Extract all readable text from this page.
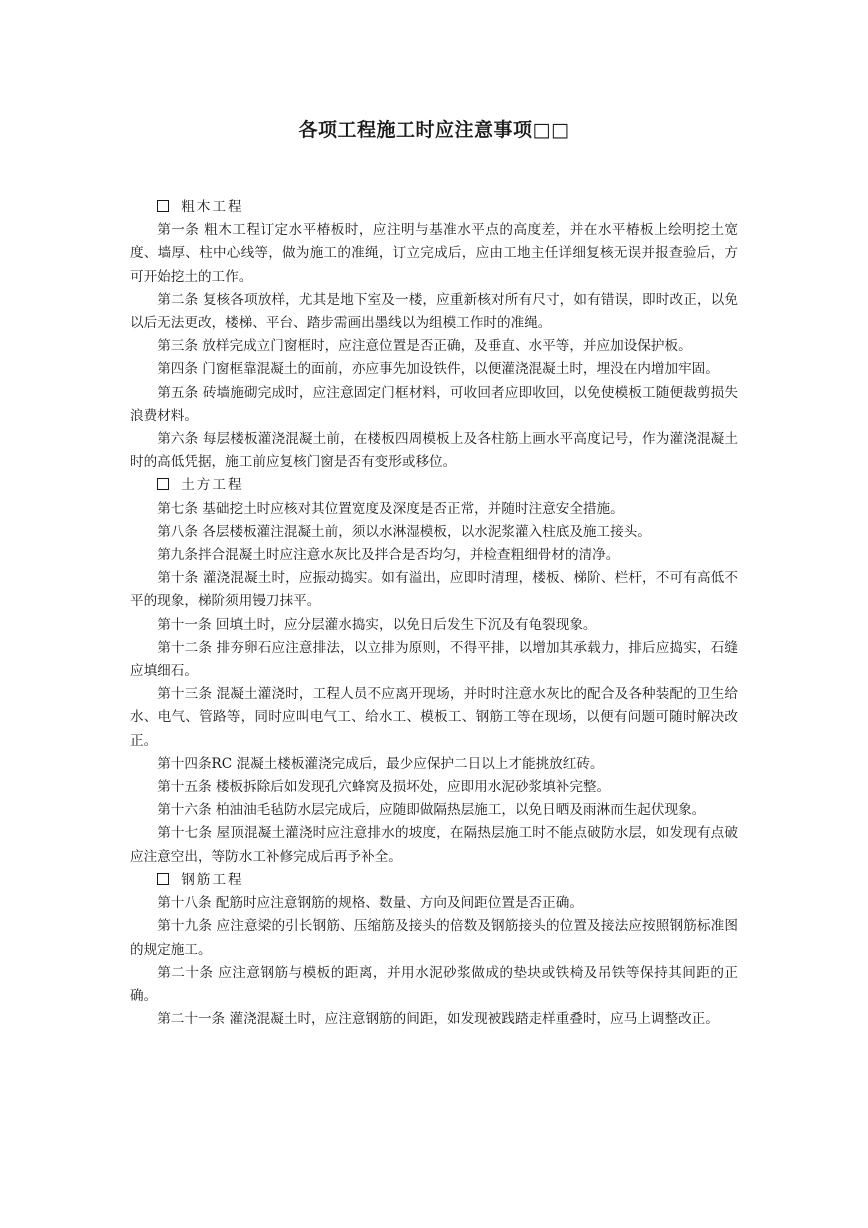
各项工程施工时应注意事项□□
粗木工程

第一条 粗木工程订定水平椿板时，应注明与基准水平点的高度差，并在水平椿板上绘明挖土宽度、墙厚、柱中心线等，做为施工的准绳，订立完成后，应由工地主任详细复核无误并报查验后，方可开始挖土的工作。

第二条 复核各项放样，尤其是地下室及一楼，应重新核对所有尺寸，如有错误，即时改正，以免以后无法更改，楼梯、平台、踏步需画出墨线以为组模工作时的准绳。

第三条 放样完成立门窗框时，应注意位置是否正确，及垂直、水平等，并应加设保护板。

第四条 门窗框靠混凝土的面前，亦应事先加设铁件，以便灌浇混凝土时，埋没在内增加牢固。

第五条 砖墙施砌完成时，应注意固定门框材料，可收回者应即收回，以免使模板工随便裁剪损失浪费材料。

第六条 每层楼板灌浇混凝土前，在楼板四周模板上及各柱筋上画水平高度记号，作为灌浇混凝土时的高低凭据，施工前应复核门窗是否有变形或移位。

土方工程

第七条 基础挖土时应核对其位置宽度及深度是否正常，并随时注意安全措施。

第八条 各层楼板灌注混凝土前，须以水淋湿模板，以水泥浆灌入柱底及施工接头。

第九条拌合混凝土时应注意水灰比及拌合是否均匀，并检查粗细骨材的清净。

第十条 灌浇混凝土时，应振动捣实。如有溢出，应即时清理，楼板、梯阶、栏杆，不可有高低不平的现象，梯阶须用镘刀抹平。

第十一条 回填土时，应分层灌水捣实，以免日后发生下沉及有龟裂现象。

第十二条 排夯卵石应注意排法，以立排为原则，不得平排，以增加其承载力，排后应捣实，石缝应填细石。

第十三条 混凝土灌浇时，工程人员不应离开现场，并时时注意水灰比的配合及各种装配的卫生给水、电气、管路等，同时应叫电气工、给水工、模板工、钢筋工等在现场，以便有问题可随时解决改正。

第十四条RC 混凝土楼板灌浇完成后，最少应保护二日以上才能挑放红砖。

第十五条 楼板拆除后如发现孔穴蜂窝及损坏处，应即用水泥砂浆填补完整。

第十六条 柏油油毛毡防水层完成后，应随即做隔热层施工，以免日晒及雨淋而生起伏现象。

第十七条 屋顶混凝土灌浇时应注意排水的坡度，在隔热层施工时不能点破防水层，如发现有点破应注意空出，等防水工补修完成后再予补全。

钢筋工程

第十八条 配筋时应注意钢筋的规格、数量、方向及间距位置是否正确。

第十九条 应注意梁的引长钢筋、压缩筋及接头的倍数及钢筋接头的位置及接法应按照钢筋标准图的规定施工。

第二十条 应注意钢筋与模板的距离，并用水泥砂浆做成的垫块或铁椅及吊铁等保持其间距的正确。

第二十一条 灌浇混凝土时，应注意钢筋的间距，如发现被践踏走样重叠时，应马上调整改正。
